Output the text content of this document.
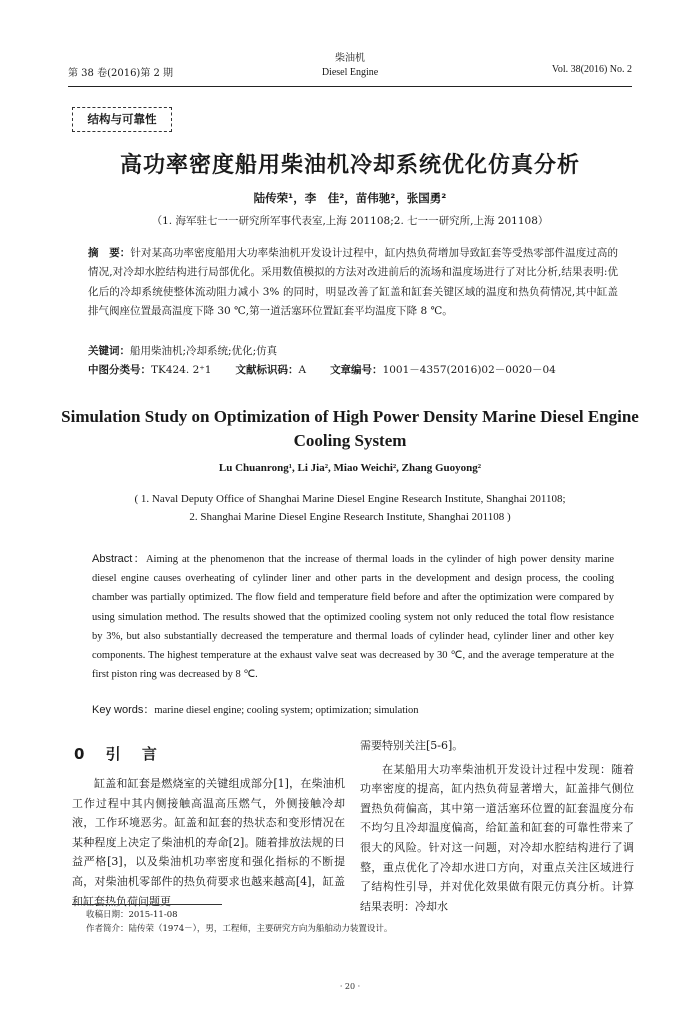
第 38 卷(2016)第 2 期
柴油机
Diesel Engine	Vol. 38(2016) No. 2
结构与可靠性
高功率密度船用柴油机冷却系统优化仿真分析
陆传荣¹，李　佳²，苗伟驰²，张国勇²
（1. 海军驻七一一研究所军事代表室,上海 201108;2. 七一一研究所,上海 201108）
摘　要：针对某高功率密度船用大功率柴油机开发设计过程中，缸内热负荷增加导致缸套等受热零部件温度过高的情况,对冷却水腔结构进行局部优化。采用数值模拟的方法对改进前后的流场和温度场进行了对比分析,结果表明:优化后的冷却系统使整体流动阻力减小 3% 的同时，明显改善了缸盖和缸套关键区域的温度和热负荷情况,其中缸盖排气阀座位置最高温度下降 30 ℃,第一道活塞环位置缸套平均温度下降 8 ℃。
关键词：船用柴油机;冷却系统;优化;仿真
中图分类号：TK424. 2⁺1 文献标识码：A 文章编号：1001－4357(2016)02－0020－04
Simulation Study on Optimization of High Power Density Marine Diesel Engine Cooling System
Lu Chuanrong¹, Li Jia², Miao Weichi², Zhang Guoyong²
( 1. Naval Deputy Office of Shanghai Marine Diesel Engine Research Institute, Shanghai 201108;
2. Shanghai Marine Diesel Engine Research Institute, Shanghai 201108 )
Abstract：Aiming at the phenomenon that the increase of thermal loads in the cylinder of high power density marine diesel engine causes overheating of cylinder liner and other parts in the development and design process, the cooling chamber was partially optimized. The flow field and temperature field before and after the optimization were compared by using simulation method. The results showed that the optimized cooling system not only reduced the total flow resistance by 3%, but also substantially decreased the temperature and thermal loads of cylinder head, cylinder liner and other key components. The highest temperature at the exhaust valve seat was decreased by 30 ℃, and the average temperature at the first piston ring was decreased by 8 ℃.
Key words：marine diesel engine; cooling system; optimization; simulation
0 引 言
缸盖和缸套是燃烧室的关键组成部分[1]，在柴油机工作过程中其内侧接触高温高压燃气，外侧接触冷却液，工作环境恶劣。缸盖和缸套的热状态和变形情况在某种程度上决定了柴油机的寿命[2]。随着排放法规的日益严格[3]，以及柴油机功率密度和强化指标的不断提高，对柴油机零部件的热负荷要求也越来越高[4]，缸盖和缸套热负荷问题更
需要特别关注[5-6]。
在某船用大功率柴油机开发设计过程中发现：随着功率密度的提高，缸内热负荷显著增大，缸盖排气侧位置热负荷偏高，其中第一道活塞环位置的缸套温度分布不均匀且冷却温度偏高，给缸盖和缸套的可靠性带来了很大的风险。针对这一问题，对冷却水腔结构进行了调整，重点优化了冷却水进口方向，对重点关注区域进行了结构性引导，并对优化效果做有限元仿真分析。计算结果表明：冷却水
收稿日期：2015-11-08
作者简介：陆传荣（1974－），男，工程师，主要研究方向为船舶动力装置设计。
· 20 ·
